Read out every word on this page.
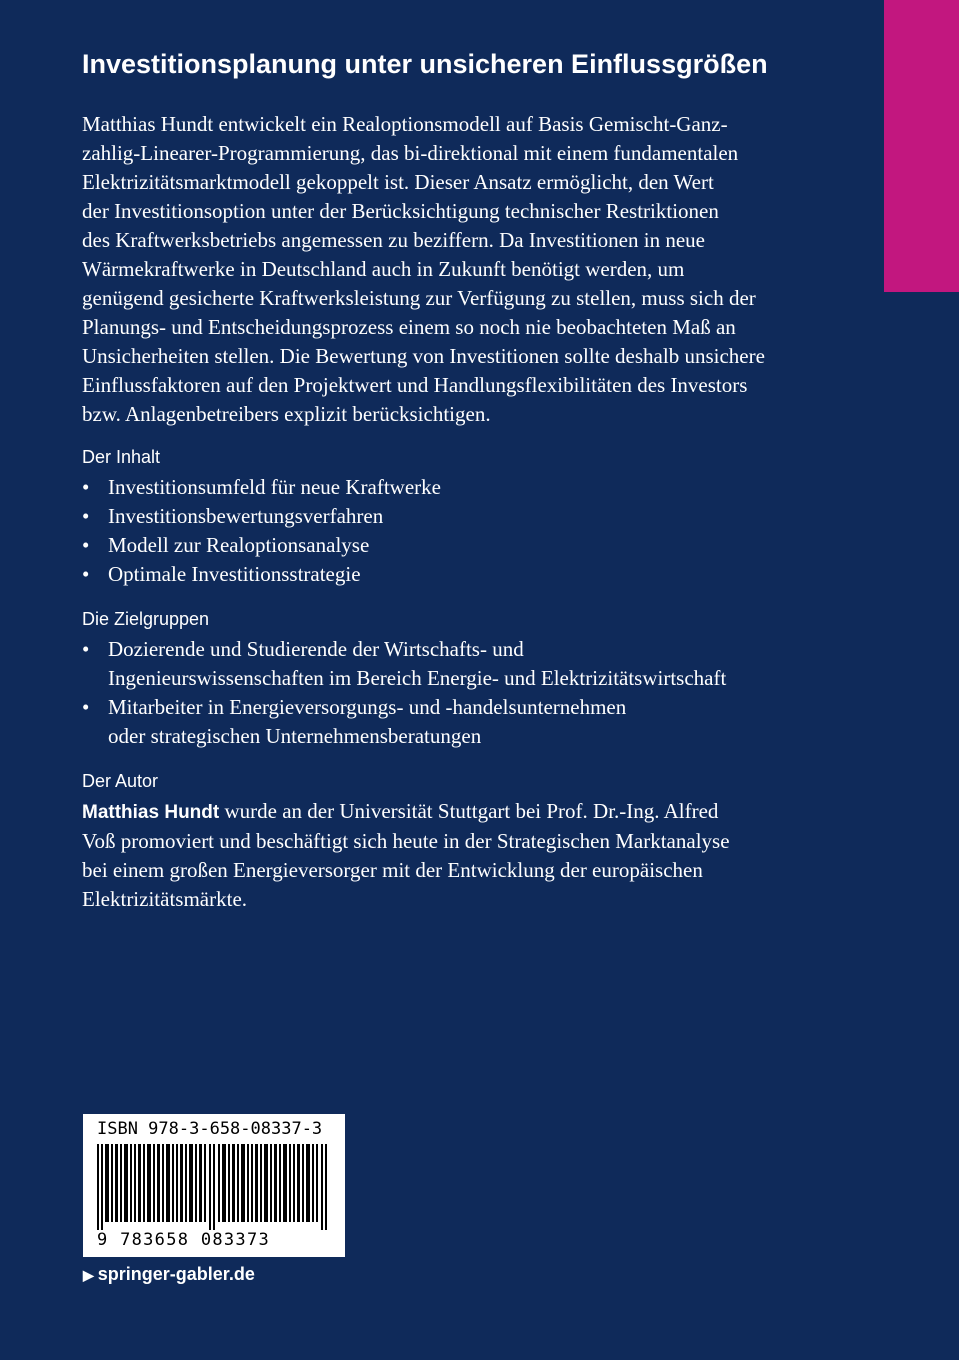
Investitionsplanung unter unsicheren Einflussgrößen
Matthias Hundt entwickelt ein Realoptionsmodell auf Basis Gemischt-Ganz-
zahlig-Linearer-Programmierung, das bi-direktional mit einem fundamentalen
Elektrizitätsmarktmodell gekoppelt ist. Dieser Ansatz ermöglicht, den Wert
der Investitionsoption unter der Berücksichtigung technischer Restriktionen
des Kraftwerksbetriebs angemessen zu beziffern. Da Investitionen in neue
Wärmekraftwerke in Deutschland auch in Zukunft benötigt werden, um
genügend gesicherte Kraftwerksleistung zur Verfügung zu stellen, muss sich der
Planungs- und Entscheidungsprozess einem so noch nie beobachteten Maß an
Unsicherheiten stellen. Die Bewertung von Investitionen sollte deshalb unsichere
Einflussfaktoren auf den Projektwert und Handlungsflexibilitäten des Investors
bzw. Anlagenbetreibers explizit berücksichtigen.
Der Inhalt
• Investitionsumfeld für neue Kraftwerke
• Investitionsbewertungsverfahren
• Modell zur Realoptionsanalyse
• Optimale Investitionsstrategie
Die Zielgruppen
• Dozierende und Studierende der Wirtschafts- und
Ingenieurswissenschaften im Bereich Energie- und Elektrizitätswirtschaft
• Mitarbeiter in Energieversorgungs- und -handelsunternehmen
oder strategischen Unternehmensberatungen
Der Autor
Matthias Hundt wurde an der Universität Stuttgart bei Prof. Dr.-Ing. Alfred
Voß promoviert und beschäftigt sich heute in der Strategischen Marktanalyse
bei einem großen Energieversorger mit der Entwicklung der europäischen
Elektrizitätsmärkte.
ISBN 978-3-658-08337-3
9 783658 083373
▶ springer-gabler.de
